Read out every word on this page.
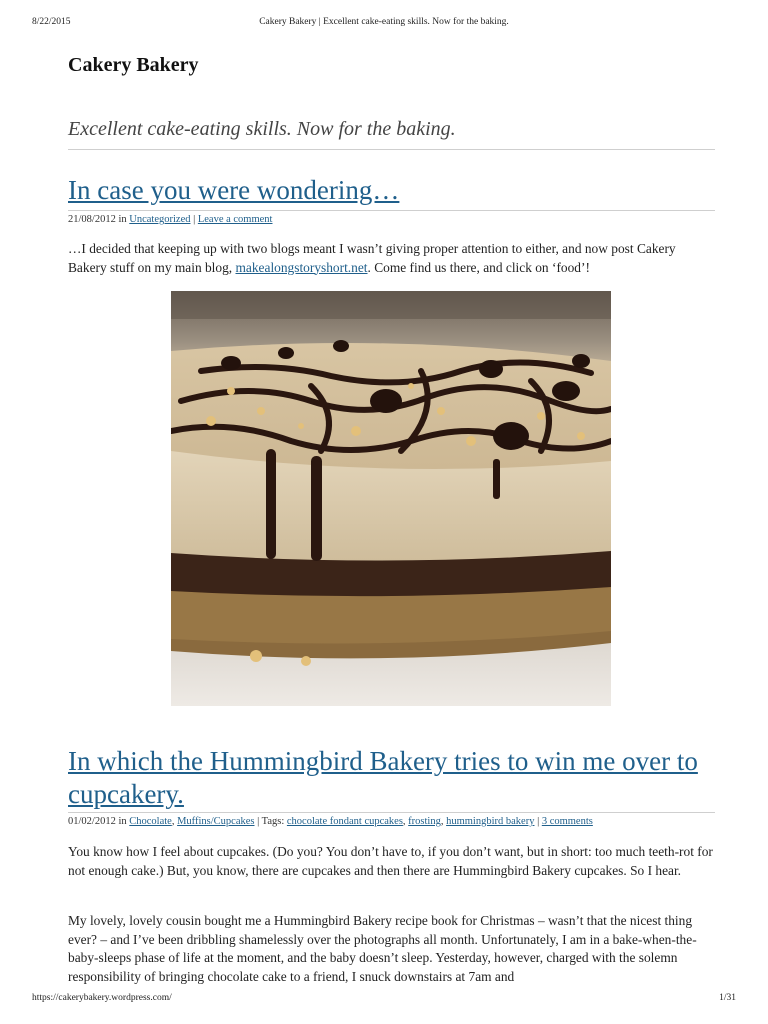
8/22/2015	Cakery Bakery | Excellent cake-eating skills. Now for the baking.
Cakery Bakery
Excellent cake-eating skills. Now for the baking.
In case you were wondering…
21/08/2012 in Uncategorized | Leave a comment

…I decided that keeping up with two blogs meant I wasn’t giving proper attention to either, and now post Cakery Bakery stuff on my main blog, makealongstoryshort.net. Come find us there, and click on ‘food’!

In which the Hummingbird Bakery tries to win me over to cupcakery.
01/02/2012 in Chocolate, Muffins/Cupcakes | Tags: chocolate fondant cupcakes, frosting, hummingbird bakery | 3 comments

You know how I feel about cupcakes. (Do you? You don’t have to, if you don’t want, but in short: too much teeth-rot for not enough cake.) But, you know, there are cupcakes and then there are Hummingbird Bakery cupcakes. So I hear.

My lovely, lovely cousin bought me a Hummingbird Bakery recipe book for Christmas – wasn’t that the nicest thing ever? – and I’ve been dribbling shamelessly over the photographs all month. Unfortunately, I am in a bake-when-the-baby-sleeps phase of life at the moment, and the baby doesn’t sleep. Yesterday, however, charged with the solemn responsibility of bringing chocolate cake to a friend, I snuck downstairs at 7am and

https://cakerybakery.wordpress.com/	1/31
